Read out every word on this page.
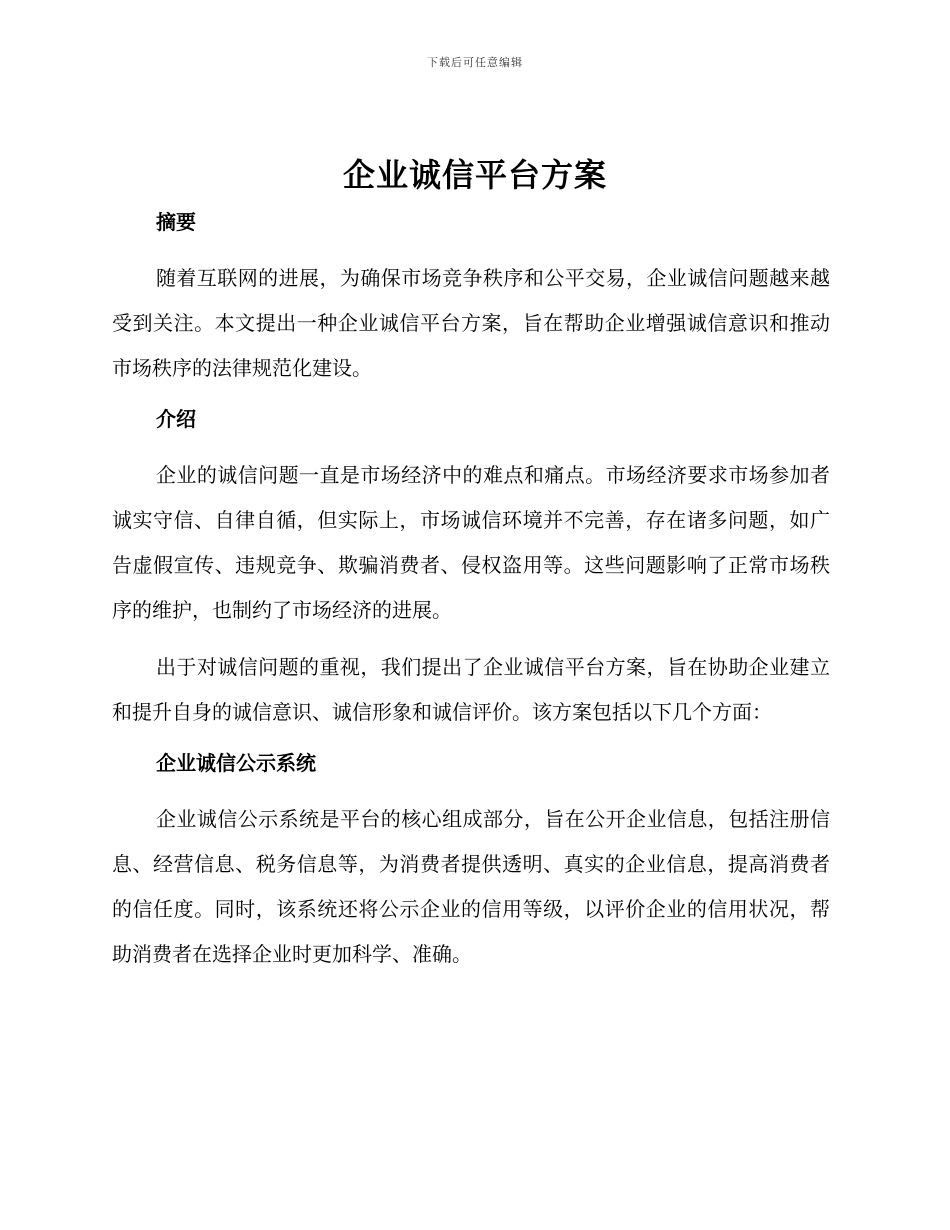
下载后可任意编辑
企业诚信平台方案
摘要

随着互联网的进展，为确保市场竞争秩序和公平交易，企业诚信问题越来越受到关注。本文提出一种企业诚信平台方案，旨在帮助企业增强诚信意识和推动市场秩序的法律规范化建设。

介绍

企业的诚信问题一直是市场经济中的难点和痛点。市场经济要求市场参加者诚实守信、自律自循，但实际上，市场诚信环境并不完善，存在诸多问题，如广告虚假宣传、违规竞争、欺骗消费者、侵权盗用等。这些问题影响了正常市场秩序的维护，也制约了市场经济的进展。

出于对诚信问题的重视，我们提出了企业诚信平台方案，旨在协助企业建立和提升自身的诚信意识、诚信形象和诚信评价。该方案包括以下几个方面：

企业诚信公示系统

企业诚信公示系统是平台的核心组成部分，旨在公开企业信息，包括注册信息、经营信息、税务信息等，为消费者提供透明、真实的企业信息，提高消费者的信任度。同时，该系统还将公示企业的信用等级，以评价企业的信用状况，帮助消费者在选择企业时更加科学、准确。
